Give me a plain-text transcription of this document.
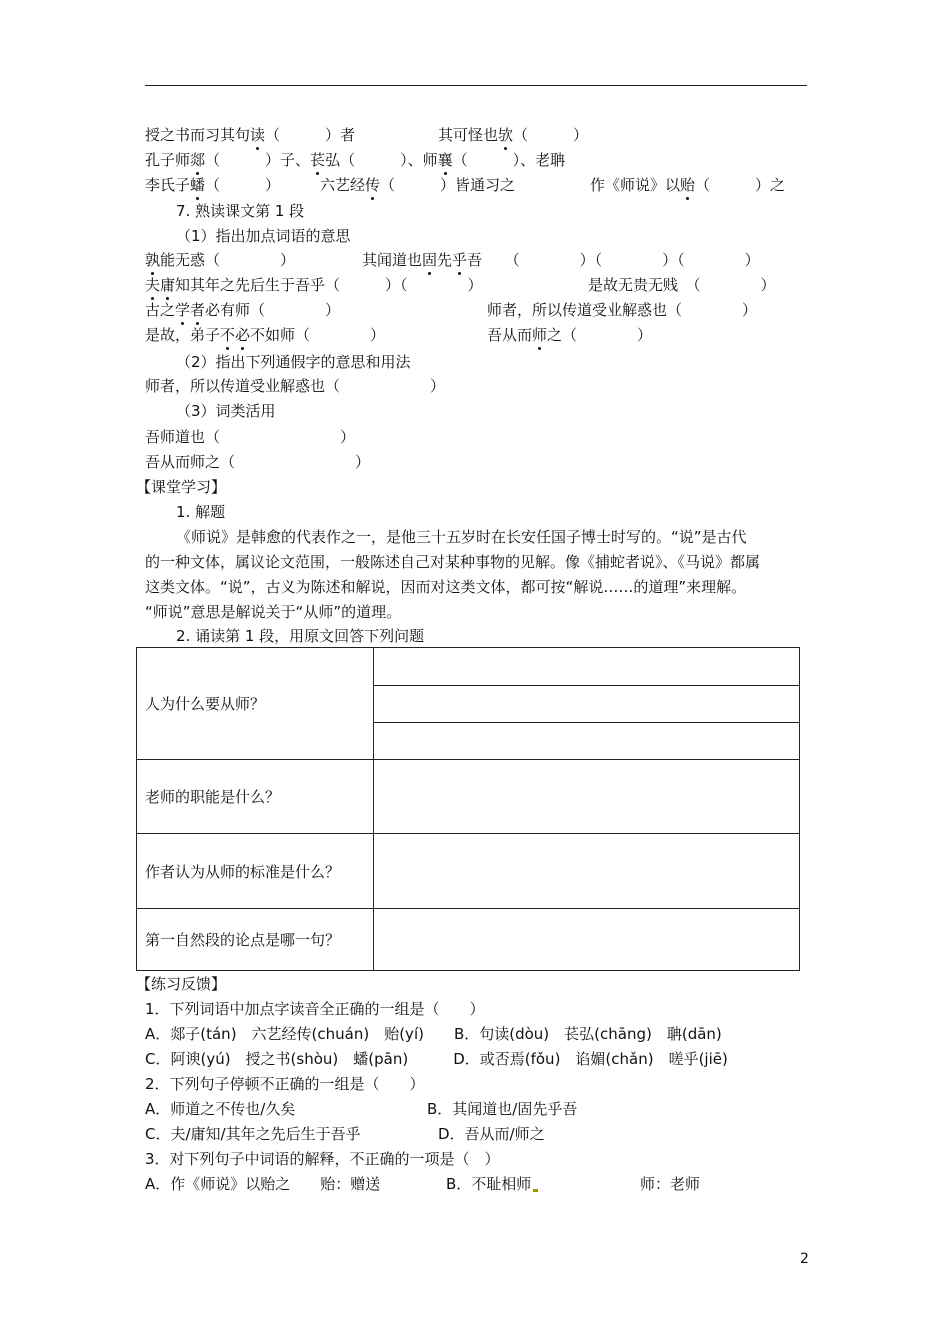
授之书而习其句读（　　　）者	其可怪也欤（　　　）
孔子师郯（　　　）子、苌弘（　　　）、师襄（　　　）、老聃
李氏子蟠（　　　）	六艺经传（　　　）皆通习之	作《师说》以贻（　　　）之
7. 熟读课文第 1 段
（1）指出加点词语的意思
孰能无惑（　　　　）	其闻道也固先乎吾　　（　　　　）（　　　　）（　　　　）
夫庸知其年之先后生于吾乎（　　　）（　　　　）	是故无贵无贱　（　　　　）
古之学者必有师（　　　　）	师者，所以传道受业解惑也（　　　　）
是故，弟子不必不如师（　　　　）	吾从而师之（　　　　）
（2）指出下列通假字的意思和用法
师者，所以传道受业解惑也（　　　　　　）
（3）词类活用
吾师道也（　　　　　　　　）
吾从而师之（　　　　　　　　）
【课堂学习】
1. 解题
《师说》是韩愈的代表作之一，是他三十五岁时在长安任国子博士时写的。“说”是古代
的一种文体，属议论文范围，一般陈述自己对某种事物的见解。像《捕蛇者说》、《马说》都属
这类文体。“说”，古义为陈述和解说，因而对这类文体，都可按“解说……的道理”来理解。
“师说”意思是解说关于“从师”的道理。
2. 诵读第 1 段，用原文回答下列问题
人为什么要从师？	

老师的职能是什么？	
作者认为从师的标准是什么？	
第一自然段的论点是哪一句？	
【练习反馈】
1．下列词语中加点字读音全正确的一组是（　　）
A．郯子(tán)　六艺经传(chuán)　贻(yí)　　B．句读(dòu)　苌弘(chāng)　聃(dān)
C．阿谀(yú)　授之书(shòu)　蟠(pān)　　　D．或否焉(fǒu)　谄媚(chǎn)　嗟乎(jiē)
2．下列句子停顿不正确的一组是（　　）
A．师道之不传也/久矣	B．其闻道也/固先乎吾
C．夫/庸知/其年之先后生于吾乎	D．吾从而/师之
3．对下列句子中词语的解释，不正确的一项是（　）
A．作《师说》以贻之　　贻：赠送	B．不耻相师	师：老师
2
